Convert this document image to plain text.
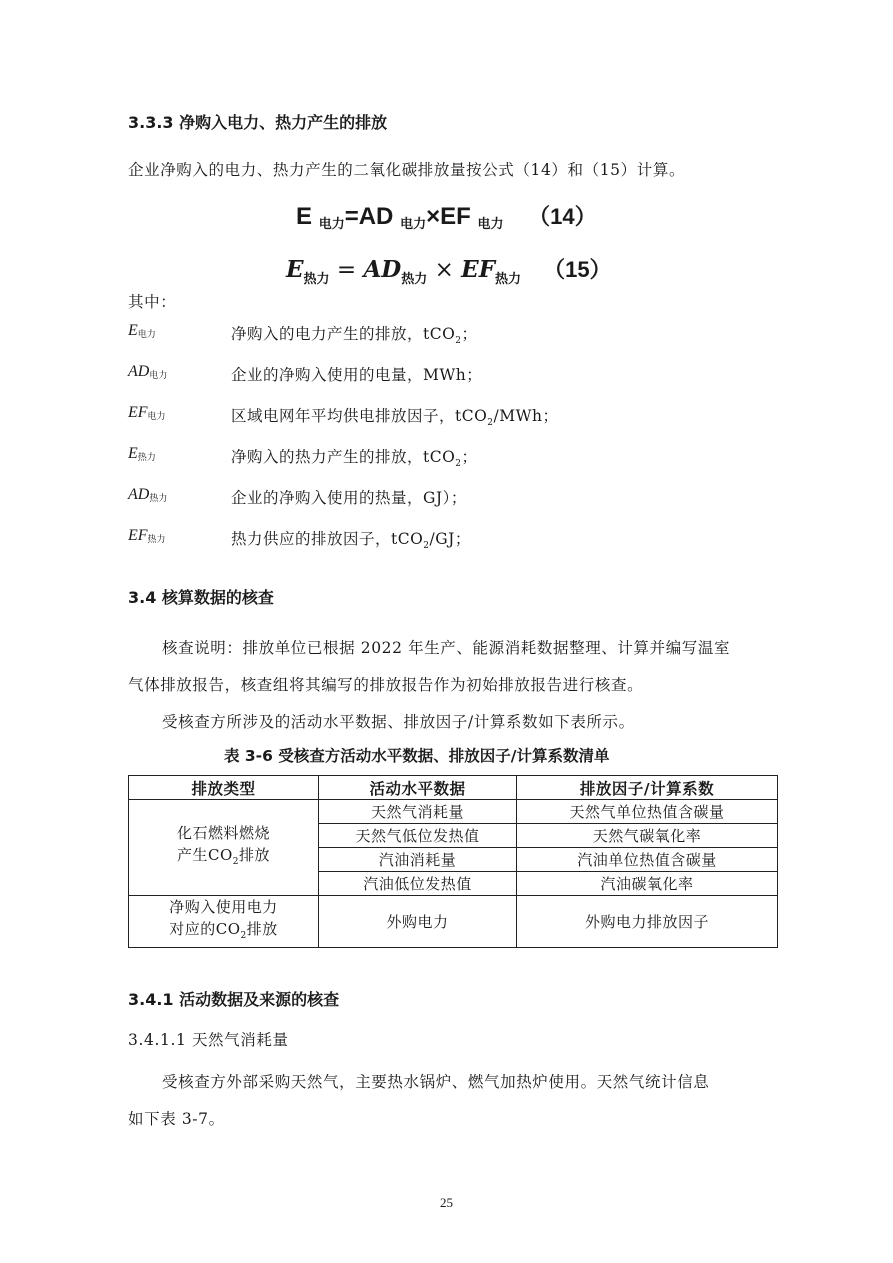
3.3.3 净购入电力、热力产生的排放
企业净购入的电力、热力产生的二氧化碳排放量按公式（14）和（15）计算。
E $_{电力}$=AD $_{电力}$×EF $_{电力}$ （14）
$E_{热力} = AD_{热力} \times EF_{热力}$ （15）
其中：
$E_{电力}$	净购入的电力产生的排放，tCO$_2$；
$AD_{电力}$	企业的净购入使用的电量，MWh；
$EF_{电力}$	区域电网年平均供电排放因子，tCO$_2$/MWh；
$E_{热力}$	净购入的热力产生的排放，tCO$_2$；
$AD_{热力}$	企业的净购入使用的热量，GJ）；
$EF_{热力}$	热力供应的排放因子，tCO$_2$/GJ；
3.4 核算数据的核查
核查说明：排放单位已根据 2022 年生产、能源消耗数据整理、计算并编写温室
气体排放报告，核查组将其编写的排放报告作为初始排放报告进行核查。
受核查方所涉及的活动水平数据、排放因子/计算系数如下表所示。
表 3-6 受核查方活动水平数据、排放因子/计算系数清单
排放类型	活动水平数据	排放因子/计算系数

化石燃料燃烧
产生$CO_2$排放	天然气消耗量	天然气单位热值含碳量
	天然气低位发热值	天然气碳氧化率
	汽油消耗量	汽油单位热值含碳量
	汽油低位发热值	汽油碳氧化率

净购入使用电力
对应的$CO_2$排放	外购电力	外购电力排放因子
3.4.1 活动数据及来源的核查
3.4.1.1 天然气消耗量
受核查方外部采购天然气，主要热水锅炉、燃气加热炉使用。天然气统计信息
如下表 3-7。
25
